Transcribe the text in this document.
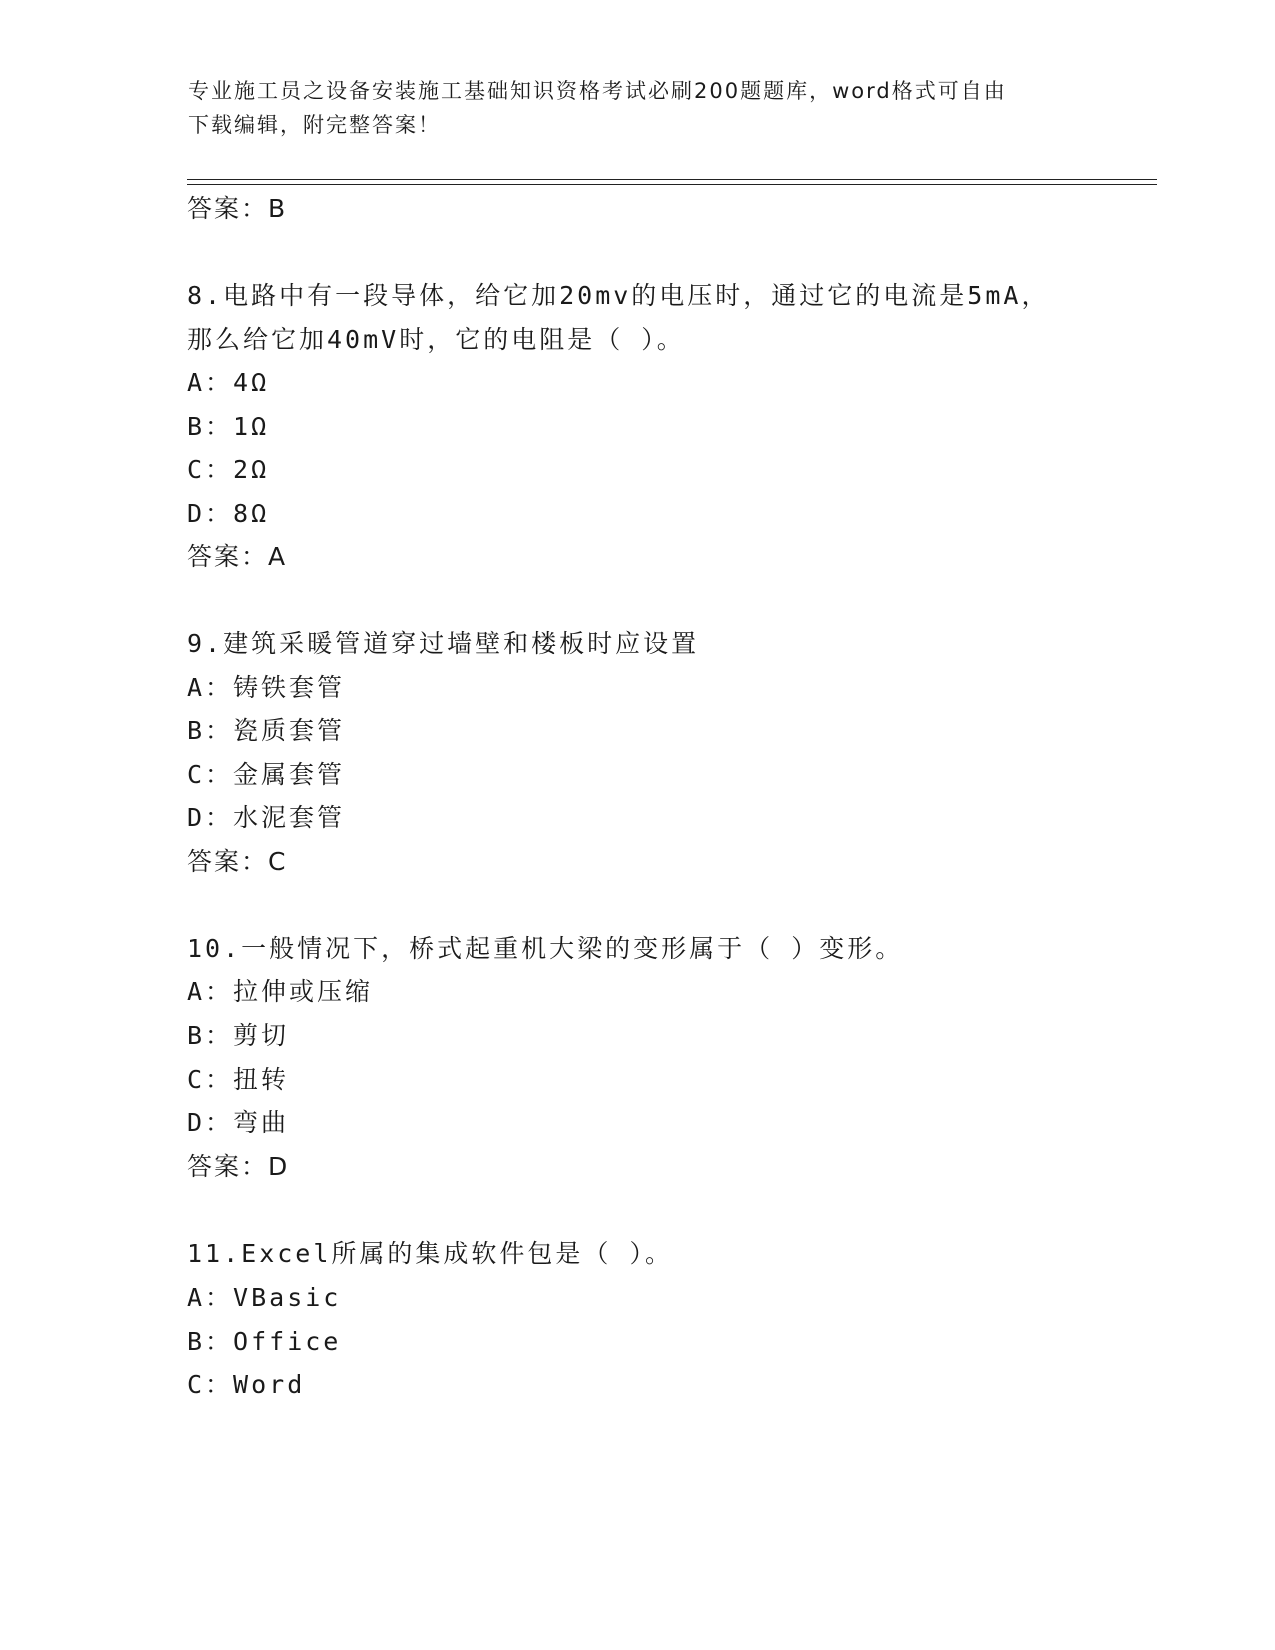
专业施工员之设备安装施工基础知识资格考试必刷200题题库，word格式可自由
下载编辑，附完整答案！
答案：B
8.电路中有一段导体，给它加20mv的电压时，通过它的电流是5mA，
那么给它加40mV时，它的电阻是（ ）。
A：4Ω
B：1Ω
C：2Ω
D：8Ω
答案：A
9.建筑采暖管道穿过墙壁和楼板时应设置
A：铸铁套管
B：瓷质套管
C：金属套管
D：水泥套管
答案：C
10.一般情况下，桥式起重机大梁的变形属于（ ）变形。
A：拉伸或压缩
B：剪切
C：扭转
D：弯曲
答案：D
11.Excel所属的集成软件包是（ ）。
A：VBasic
B：Office
C：Word
